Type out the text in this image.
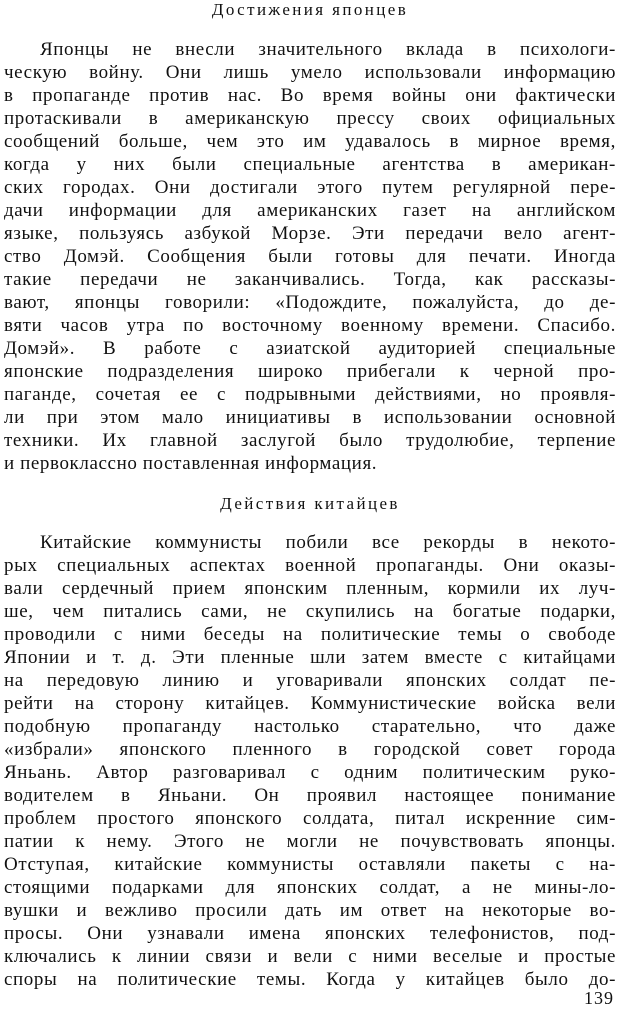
Достижения японцев
Японцы не внесли значительного вклада в психологи-
ческую войну. Они лишь умело использовали информацию
в пропаганде против нас. Во время войны они фактически
протаскивали в американскую прессу своих официальных
сообщений больше, чем это им удавалось в мирное время,
когда у них были специальные агентства в американ-
ских городах. Они достигали этого путем регулярной пере-
дачи информации для американских газет на английском
языке, пользуясь азбукой Морзе. Эти передачи вело агент-
ство Домэй. Сообщения были готовы для печати. Иногда
такие передачи не заканчивались. Тогда, как рассказы-
вают, японцы говорили: «Подождите, пожалуйста, до де-
вяти часов утра по восточному военному времени. Спасибо.
Домэй». В работе с азиатской аудиторией специальные
японские подразделения широко прибегали к черной про-
паганде, сочетая ее с подрывными действиями, но проявля-
ли при этом мало инициативы в использовании основной
техники. Их главной заслугой было трудолюбие, терпение
и первоклассно поставленная информация.
Действия китайцев
Китайские коммунисты побили все рекорды в некото-
рых специальных аспектах военной пропаганды. Они оказы-
вали сердечный прием японским пленным, кормили их луч-
ше, чем питались сами, не скупились на богатые подарки,
проводили с ними беседы на политические темы о свободе
Японии и т. д. Эти пленные шли затем вместе с китайцами
на передовую линию и уговаривали японских солдат пе-
рейти на сторону китайцев. Коммунистические войска вели
подобную пропаганду настолько старательно, что даже
«избрали» японского пленного в городской совет города
Яньань. Автор разговаривал с одним политическим руко-
водителем в Яньани. Он проявил настоящее понимание
проблем простого японского солдата, питал искренние сим-
патии к нему. Этого не могли не почувствовать японцы.
Отступая, китайские коммунисты оставляли пакеты с на-
стоящими подарками для японских солдат, а не мины-ло-
вушки и вежливо просили дать им ответ на некоторые во-
просы. Они узнавали имена японских телефонистов, под-
ключались к линии связи и вели с ними веселые и простые
споры на политические темы. Когда у китайцев было до-
139
